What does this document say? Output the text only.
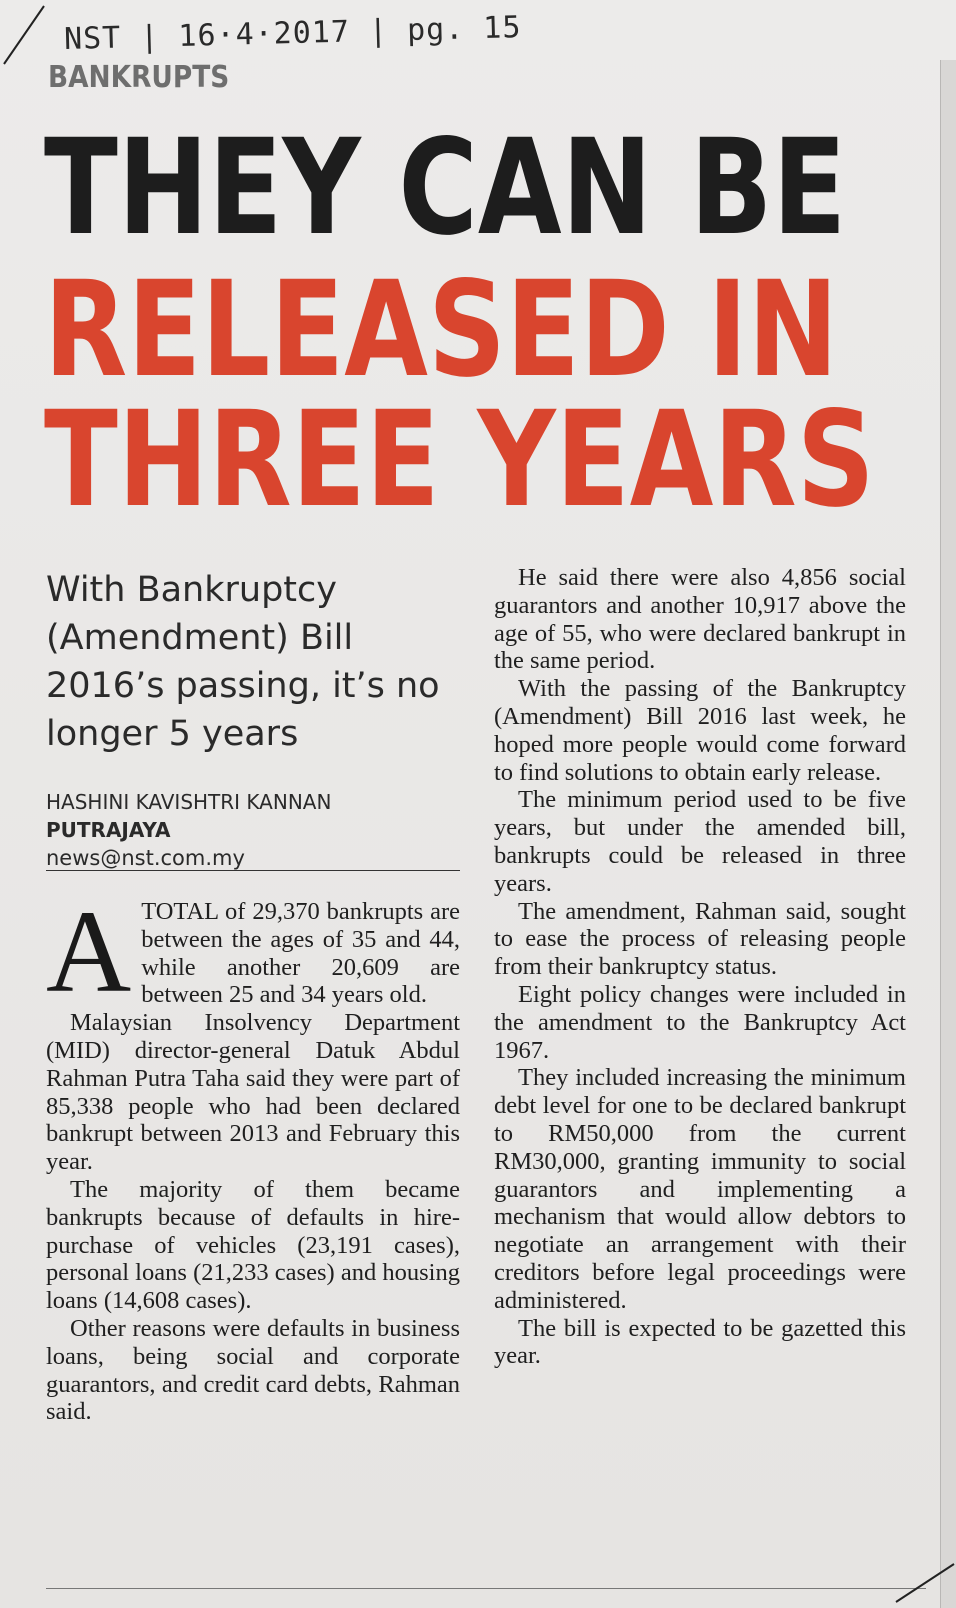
NST | 16·4·2017 | pg. 15
BANKRUPTS
THEY CAN BE
RELEASED IN
THREE YEARS
With Bankruptcy (Amendment) Bill 2016’s passing, it’s no longer 5 years
HASHINI KAVISHTRI KANNAN
PUTRAJAYA
news@nst.com.my

ATOTAL of 29,370 bankrupts are between the ages of 35 and 44, while another 20,609 are between 25 and 34 years old.

Malaysian Insolvency Department (MID) director-general Datuk Abdul Rahman Putra Taha said they were part of 85,338 people who had been declared bankrupt between 2013 and February this year.

The majority of them became bankrupts because of defaults in hire-purchase of vehicles (23,191 cases), personal loans (21,233 cases) and housing loans (14,608 cases).

Other reasons were defaults in business loans, being social and corporate guarantors, and credit card debts, Rahman said.

He said there were also 4,856 social guarantors and another 10,917 above the age of 55, who were declared bankrupt in the same period.

With the passing of the Bankruptcy (Amendment) Bill 2016 last week, he hoped more people would come forward to find solutions to obtain early release.

The minimum period used to be five years, but under the amended bill, bankrupts could be released in three years.

The amendment, Rahman said, sought to ease the process of releasing people from their bankruptcy status.

Eight policy changes were included in the amendment to the Bankruptcy Act 1967.

They included increasing the minimum debt level for one to be declared bankrupt to RM50,000 from the current RM30,000, granting immunity to social guarantors and implementing a mechanism that would allow debtors to negotiate an arrangement with their creditors before legal proceedings were administered.

The bill is expected to be gazetted this year.
